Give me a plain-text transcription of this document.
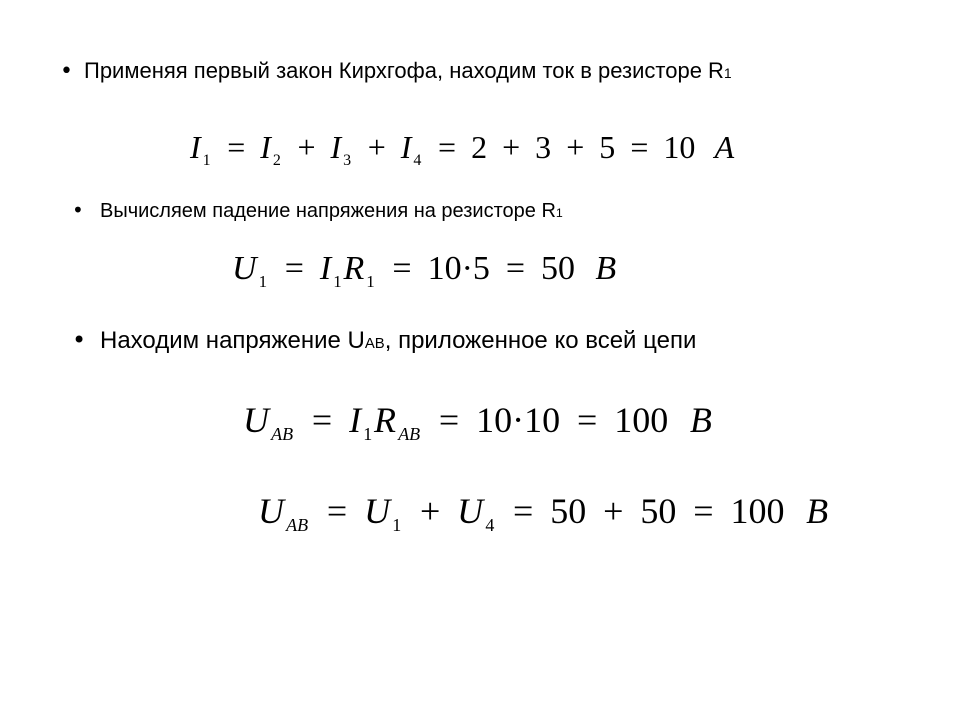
• Применяя первый закон Кирхгофа, находим ток в резисторе R 1
I $_1$ = I $_2$ + I $_3$ + I $_4$ = 2 + 3 + 5 = 10 A
• Вычисляем падение напряжения на резисторе R 1
U $_1$ = I $_1$R $_1$ = 10·5 = 50 B
• Находим напряжение U AB , приложенное ко всей цепи
U $_{AB}$ = I $_1$R $_{AB}$ = 10·10 = 100 B
U $_{AB}$ = U $_1$ + U $_4$ = 50 + 50 = 100 B
